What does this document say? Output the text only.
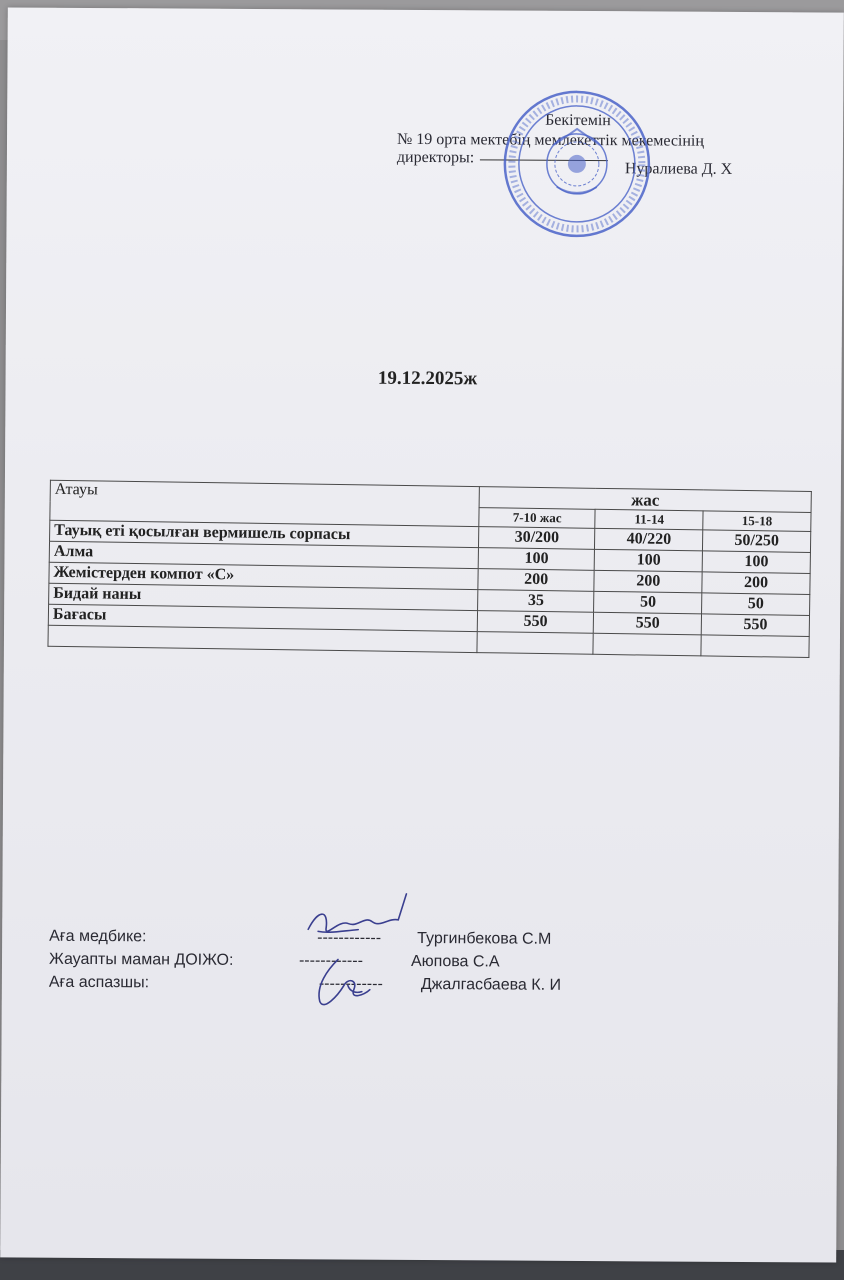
Бекітемін
№ 19 орта мектебің мемлекеттік мекемесінің
директоры:
Нуралиева Д. Х
19.12.2025ж
Атауы	жас		
	7-10 жас	11-14	15-18
Тауық еті қосылған вермишель сорпасы	30/200	40/220	50/250
Алма	100	100	100
Жемістерден компот «С»	200	200	200
Бидай наны	35	50	50
Бағасы	550	550	550

Аға медбике:	------------ Тургинбекова С.М
Жауапты маман ДОІЖО:	------------	Аюпова С.А
Аға аспазшы:	------------ Джалгасбаева К. И
